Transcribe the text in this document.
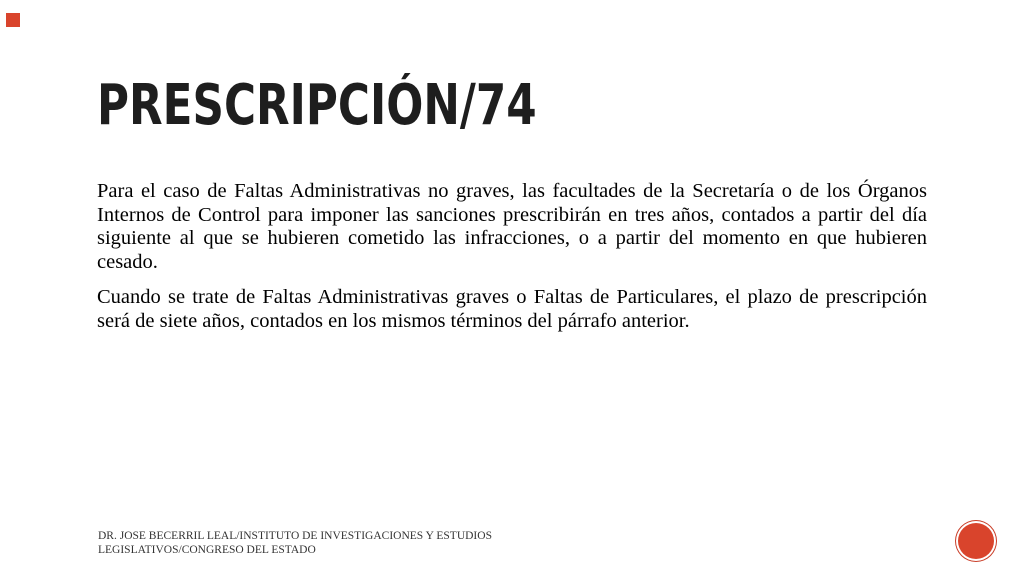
PRESCRIPCIÓN/74

Para el caso de Faltas Administrativas no graves, las facultades de la Secretaría o de los Órganos Internos de Control para imponer las sanciones prescribirán en tres años, contados a partir del día siguiente al que se hubieren cometido las infracciones, o a partir del momento en que hubieren cesado.

Cuando se trate de Faltas Administrativas graves o Faltas de Particulares, el plazo de prescripción será de siete años, contados en los mismos términos del párrafo anterior.

DR. JOSE BECERRIL LEAL/INSTITUTO DE INVESTIGACIONES Y ESTUDIOS LEGISLATIVOS/CONGRESO DEL ESTADO
